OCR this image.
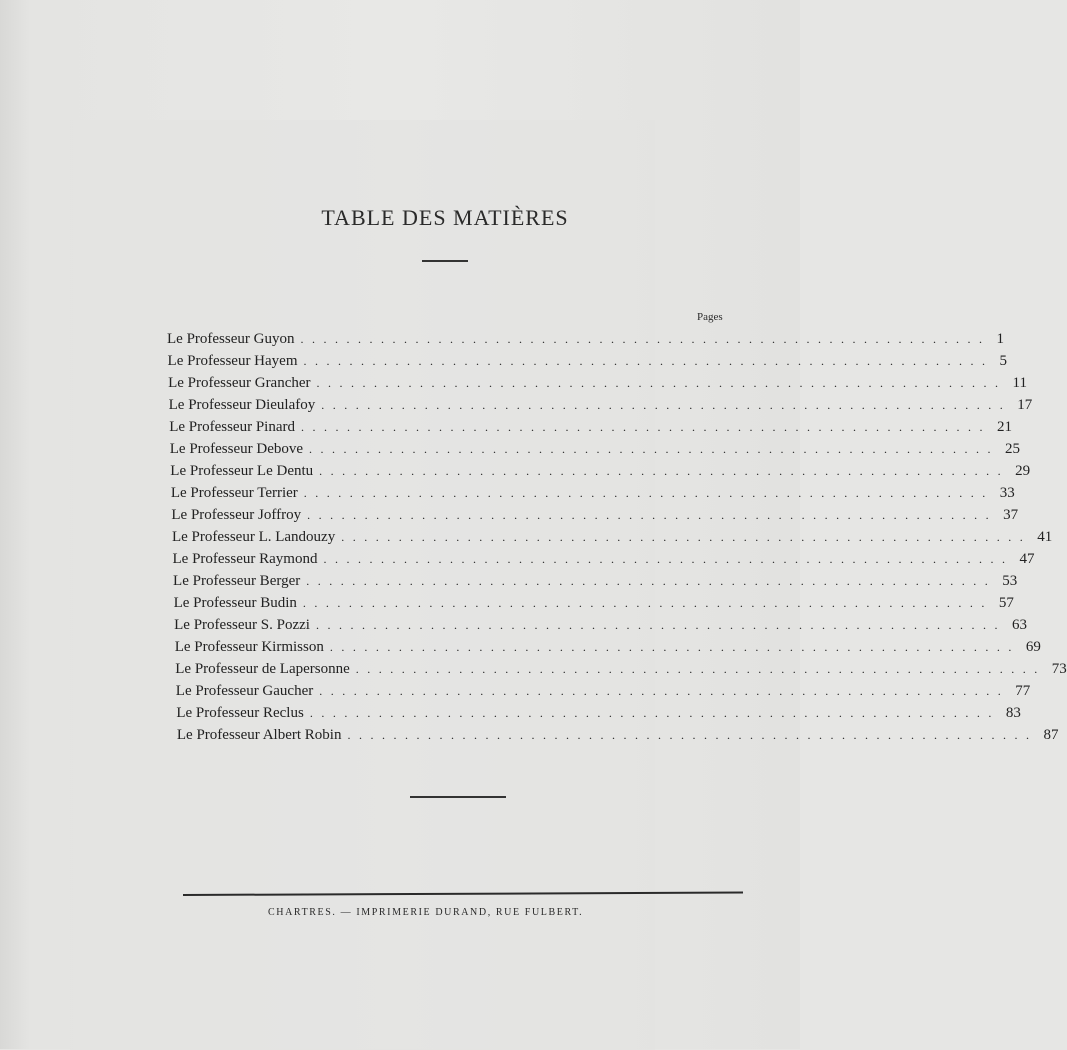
TABLE DES MATIÈRES
Pages
Le Professeur Guyon ............................................................ 1
Le Professeur Hayem ............................................................ 5
Le Professeur Grancher ............................................................ 11
Le Professeur Dieulafoy ............................................................ 17
Le Professeur Pinard ............................................................ 21
Le Professeur Debove ............................................................ 25
Le Professeur Le Dentu ............................................................ 29
Le Professeur Terrier ............................................................ 33
Le Professeur Joffroy ............................................................ 37
Le Professeur L. Landouzy ............................................................ 41
Le Professeur Raymond ............................................................ 47
Le Professeur Berger ............................................................ 53
Le Professeur Budin ............................................................ 57
Le Professeur S. Pozzi ............................................................ 63
Le Professeur Kirmisson ............................................................ 69
Le Professeur de Lapersonne ............................................................ 73
Le Professeur Gaucher ............................................................ 77
Le Professeur Reclus ............................................................ 83
Le Professeur Albert Robin ............................................................ 87
CHARTRES. — IMPRIMERIE DURAND, RUE FULBERT.
